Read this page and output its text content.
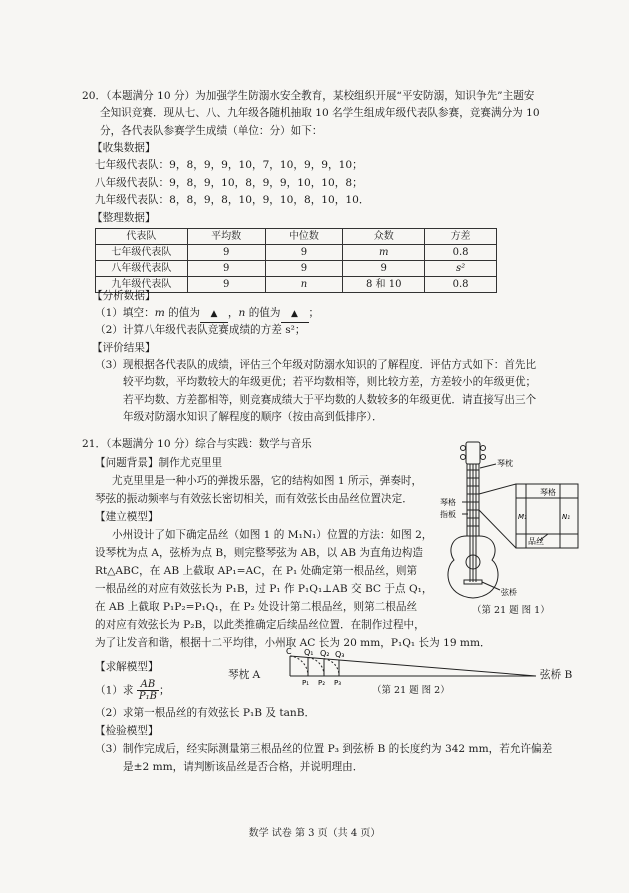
20．（本题满分 10 分）为加强学生防溺水安全教育，某校组织开展“平安防溺，知识争先”主题安
全知识竞赛．现从七、八、九年级各随机抽取 10 名学生组成年级代表队参赛，竞赛满分为 10
分，各代表队参赛学生成绩（单位：分）如下：
【收集数据】
七年级代表队：9，8，9，9，10，7，10，9，9，10；
八年级代表队：9，8，9，10，8，9，9，10，10，8；
九年级代表队：8，8，9，8，10，9，10，8，10，10．
【整理数据】
代表队	平均数	中位数	众数	方差
七年级代表队	9	9	m	0.8
八年级代表队	9	9	9	s²
九年级代表队	9	n	8 和 10	0.8
【分析数据】
（1）填空：m 的值为 ▲ ，n 的值为 ▲ ；
（2）计算八年级代表队竞赛成绩的方差 s²；
【评价结果】
（3）现根据各代表队的成绩，评估三个年级对防溺水知识的了解程度．评估方式如下：首先比
较平均数，平均数较大的年级更优；若平均数相等，则比较方差，方差较小的年级更优；
若平均数、方差都相等，则竞赛成绩大于平均数的人数较多的年级更优．请直接写出三个
年级对防溺水知识了解程度的顺序（按由高到低排序）．
21．（本题满分 10 分）综合与实践：数学与音乐
【问题背景】制作尤克里里
尤克里里是一种小巧的弹拨乐器，它的结构如图 1 所示，弹奏时，
琴弦的振动频率与有效弦长密切相关，而有效弦长由品丝位置决定．
【建立模型】
小州设计了如下确定品丝（如图 1 的 M₁N₁）位置的方法：如图 2，
设琴枕为点 A，弦桥为点 B，则完整琴弦为 AB，以 AB 为直角边构造
Rt△ABC，在 AB 上截取 AP₁=AC，在 P₁ 处确定第一根品丝，则第
一根品丝的对应有效弦长为 P₁B，过 P₁ 作 P₁Q₁⊥AB 交 BC 于点 Q₁，
在 AB 上截取 P₁P₂=P₁Q₁，在 P₂ 处设计第二根品丝，则第二根品丝
的对应有效弦长为 P₂B，以此类推确定后续品丝位置．在制作过程中，
为了让发音和谐，根据十二平均律，小州取 AC 长为 20 mm，P₁Q₁ 长为 19 mm．
琴枕
琴格
指板
琴格
M₁	N₁
品丝
弦桥
（第 21 题 图 1）
C Q₁ Q₂ Q₃
P₁ P₂ P₃
琴枕 A	弦桥 B
（第 21 题 图 2）
【求解模型】
（1）求 $\frac{AB}{\text{P₁B}}$ ；
（2）求第一根品丝的有效弦长 P₁B 及 tanB．
【检验模型】
（3）制作完成后，经实际测量第三根品丝的位置 P₃ 到弦桥 B 的长度约为 342 mm，若允许偏差
是±2 mm，请判断该品丝是否合格，并说明理由．
数学 试卷 第 3 页（共 4 页）
